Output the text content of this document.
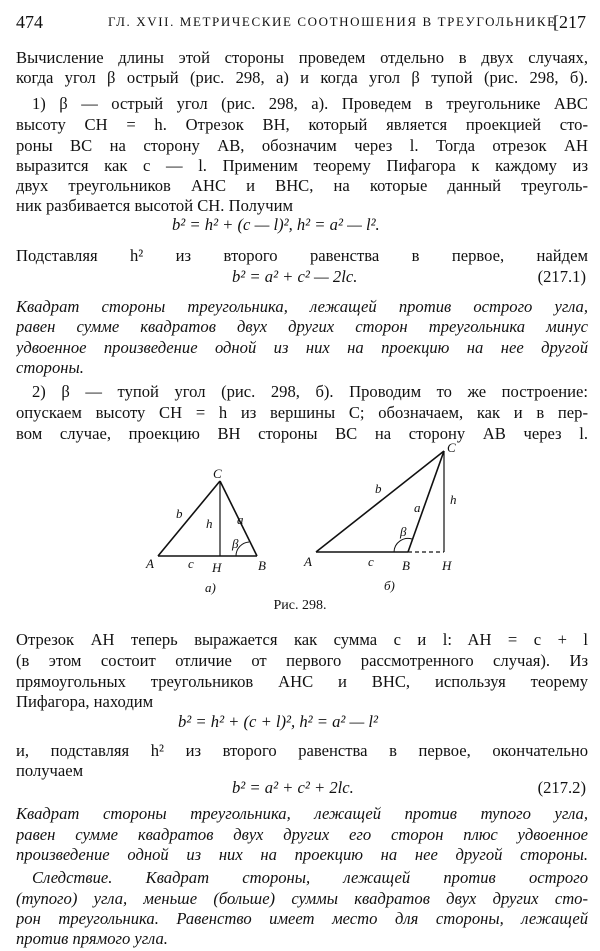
474	ГЛ. XVII. МЕТРИЧЕСКИЕ СООТНОШЕНИЯ В ТРЕУГОЛЬНИКЕ
[217
Вычисление длины этой стороны проведем отдельно в двух случаях,
когда угол β острый (рис. 298, а) и когда угол β тупой (рис. 298, б).
1) β — острый угол (рис. 298, а). Проведем в треугольнике ABC
высоту CH = h. Отрезок BH, который является проекцией сто-
роны BC на сторону AB, обозначим через l. Тогда отрезок AH
выразится как c — l. Применим теорему Пифагора к каждому из
двух треугольников AHC и BHC, на которые данный треуголь-
ник разбивается высотой CH. Получим
b² = h² + (c — l)², h² = a² — l².
Подставляя h² из второго равенства в первое, найдем
b² = a² + c² — 2lc.	(217.1)
Квадрат стороны треугольника, лежащей против острого угла,
равен сумме квадратов двух других сторон треугольника минус
удвоенное произведение одной из них на проекцию на нее другой
стороны.
2) β — тупой угол (рис. 298, б). Проводим то же построение:
опускаем высоту CH = h из вершины C; обозначаем, как и в пер-
вом случае, проекцию BH стороны BC на сторону AB через l.
A	B
C
H
a
b
c
h
β
а)
A	B
C
H
a
b
c
h
β
б)
Рис. 298.
Отрезок AH теперь выражается как сумма c и l: AH = c + l
(в этом состоит отличие от первого рассмотренного случая). Из
прямоугольных треугольников AHC и BHC, используя теорему
Пифагора, находим
b² = h² + (c + l)², h² = a² — l²
и, подставляя h² из второго равенства в первое, окончательно
получаем
b² = a² + c² + 2lc.	(217.2)
Квадрат стороны треугольника, лежащей против тупого угла,
равен сумме квадратов двух других его сторон плюс удвоенное
произведение одной из них на проекцию на нее другой стороны.
Следствие. Квадрат стороны, лежащей против острого
(тупого) угла, меньше (больше) суммы квадратов двух других сто-
рон треугольника. Равенство имеет место для стороны, лежащей
против прямого угла.
